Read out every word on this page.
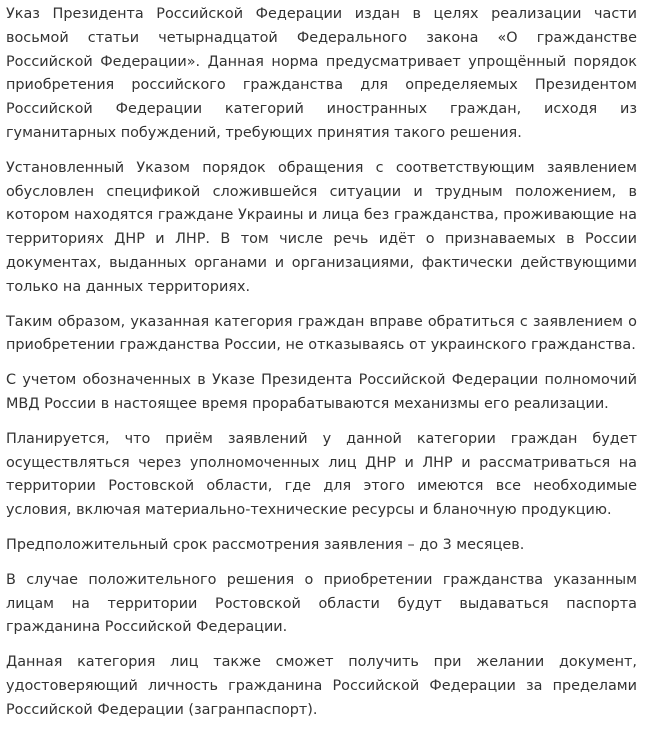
Указ Президента Российской Федерации издан в целях реализации части восьмой статьи четырнадцатой Федерального закона «О гражданстве Российской Федерации». Данная норма предусматривает упрощённый порядок приобретения российского гражданства для определяемых Президентом Российской Федерации категорий иностранных граждан, исходя из гуманитарных побуждений, требующих принятия такого решения.

Установленный Указом порядок обращения с соответствующим заявлением обусловлен спецификой сложившейся ситуации и трудным положением, в котором находятся граждане Украины и лица без гражданства, проживающие на территориях ДНР и ЛНР. В том числе речь идёт о признаваемых в России документах, выданных органами и организациями, фактически действующими только на данных территориях.

Таким образом, указанная категория граждан вправе обратиться с заявлением о приобретении гражданства России, не отказываясь от украинского гражданства.

С учетом обозначенных в Указе Президента Российской Федерации полномочий МВД России в настоящее время прорабатываются механизмы его реализации.

Планируется, что приём заявлений у данной категории граждан будет осуществляться через уполномоченных лиц ДНР и ЛНР и рассматриваться на территории Ростовской области, где для этого имеются все необходимые условия, включая материально-технические ресурсы и бланочную продукцию.

Предположительный срок рассмотрения заявления – до 3 месяцев.

В случае положительного решения о приобретении гражданства указанным лицам на территории Ростовской области будут выдаваться паспорта гражданина Российской Федерации.

Данная категория лиц также сможет получить при желании документ, удостоверяющий личность гражданина Российской Федерации за пределами Российской Федерации (загранпаспорт).
